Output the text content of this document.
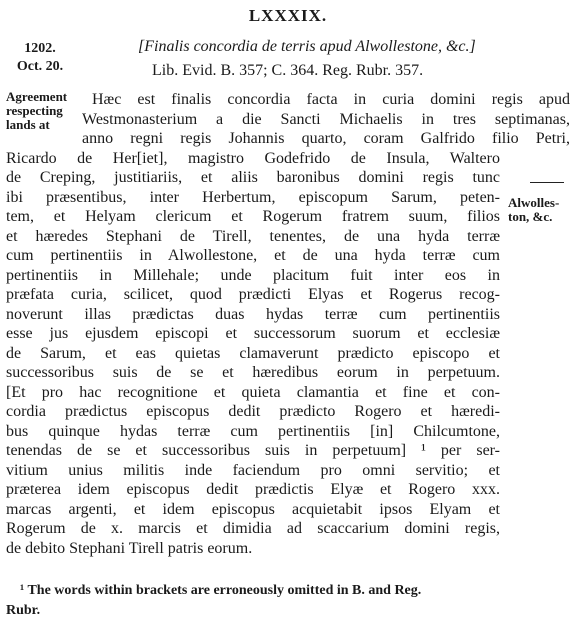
LXXXIX.
1202.
Oct. 20.
[Finalis concordia de terris apud Alwollestone, &c.]
Lib. Evid. B. 357; C. 364. Reg. Rubr. 357.
Agreement
respecting
lands at
Alwolles-
ton, &c.
Hæc est finalis concordia facta in curia domini regis apud
Westmonasterium a die Sancti Michaelis in tres septimanas,
anno regni regis Johannis quarto, coram Galfrido filio Petri,
Ricardo de Her[iet], magistro Godefrido de Insula, Waltero
de Creping, justitiariis, et aliis baronibus domini regis tunc
ibi præsentibus, inter Herbertum, episcopum Sarum, peten-
tem, et Helyam clericum et Rogerum fratrem suum, filios
et hæredes Stephani de Tirell, tenentes, de una hyda terræ
cum pertinentiis in Alwollestone, et de una hyda terræ cum
pertinentiis in Millehale; unde placitum fuit inter eos in
præfata curia, scilicet, quod prædicti Elyas et Rogerus recog-
noverunt illas prædictas duas hydas terræ cum pertinentiis
esse jus ejusdem episcopi et successorum suorum et ecclesiæ
de Sarum, et eas quietas clamaverunt prædicto episcopo et
successoribus suis de se et hæredibus eorum in perpetuum.
[Et pro hac recognitione et quieta clamantia et fine et con-
cordia prædictus episcopus dedit prædicto Rogero et hæredi-
bus quinque hydas terræ cum pertinentiis [in] Chilcumtone,
tenendas de se et successoribus suis in perpetuum] ¹ per ser-
vitium unius militis inde faciendum pro omni servitio; et
præterea idem episcopus dedit prædictis Elyæ et Rogero xxx.
marcas argenti, et idem episcopus acquietabit ipsos Elyam et
Rogerum de x. marcis et dimidia ad scaccarium domini regis,
de debito Stephani Tirell patris eorum.
¹ The words within brackets are erroneously omitted in B. and Reg.
Rubr.
